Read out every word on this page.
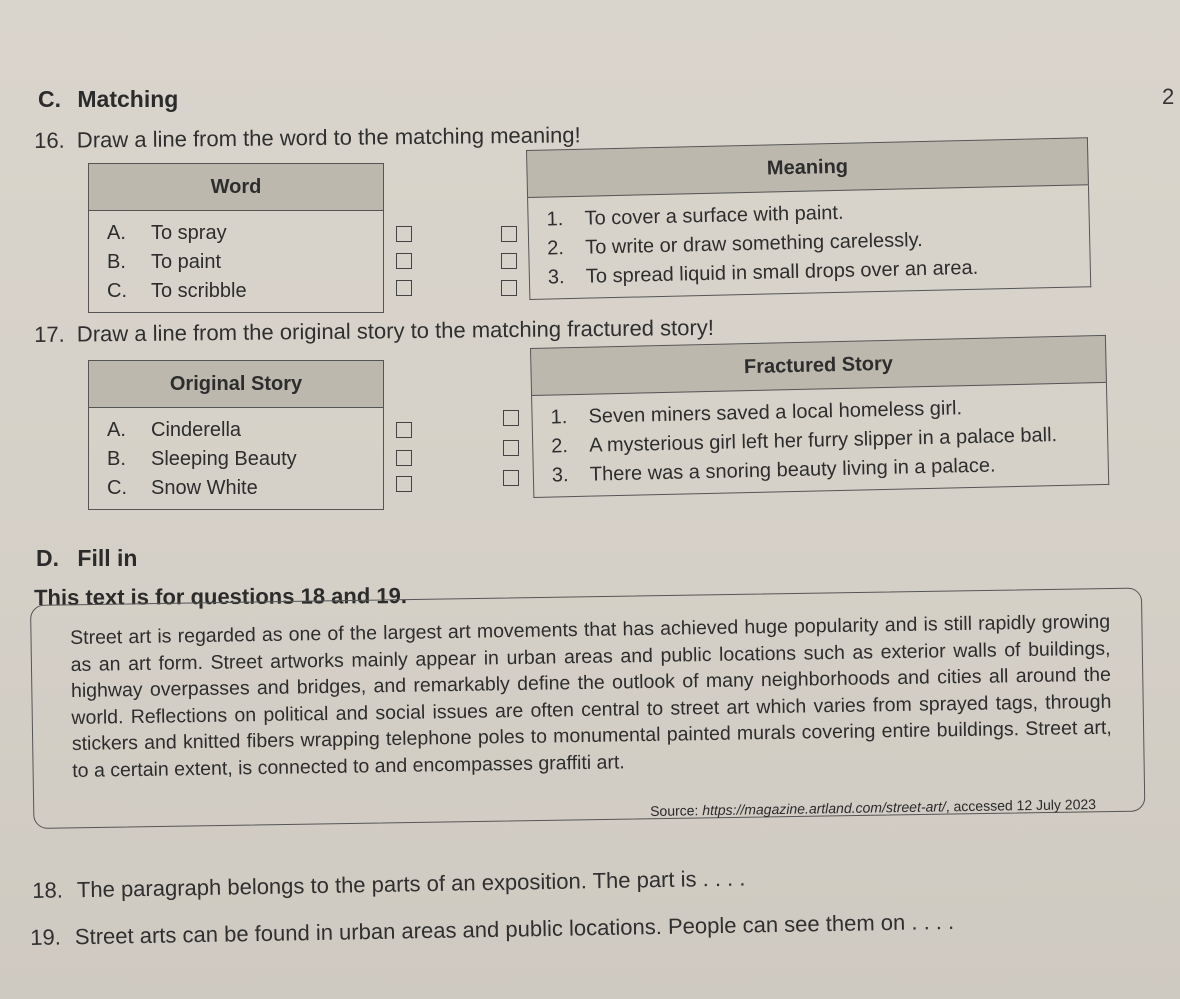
C. Matching	2
16. Draw a line from the word to the matching meaning!
Word	
A.	To spray
B.	To paint
C.	To scribble
Meaning	
1.	To cover a surface with paint.
2.	To write or draw something carelessly.
3.	To spread liquid in small drops over an area.
17. Draw a line from the original story to the matching fractured story!
Original Story	
A.	Cinderella
B.	Sleeping Beauty
C.	Snow White
Fractured Story	
1.	Seven miners saved a local homeless girl.
2.	A mysterious girl left her furry slipper in a palace ball.
3.	There was a snoring beauty living in a palace.
D. Fill in
This text is for questions 18 and 19.
Street art is regarded as one of the largest art movements that has achieved huge popularity and is still rapidly growing as an art form. Street artworks mainly appear in urban areas and public locations such as exterior walls of buildings, highway overpasses and bridges, and remarkably define the outlook of many neighborhoods and cities all around the world. Reflections on political and social issues are often central to street art which varies from sprayed tags, through stickers and knitted fibers wrapping telephone poles to monumental painted murals covering entire buildings. Street art, to a certain extent, is connected to and encompasses graffiti art.
Source: https://magazine.artland.com/street-art/, accessed 12 July 2023
18. The paragraph belongs to the parts of an exposition. The part is . . . .
19. Street arts can be found in urban areas and public locations. People can see them on . . . .
